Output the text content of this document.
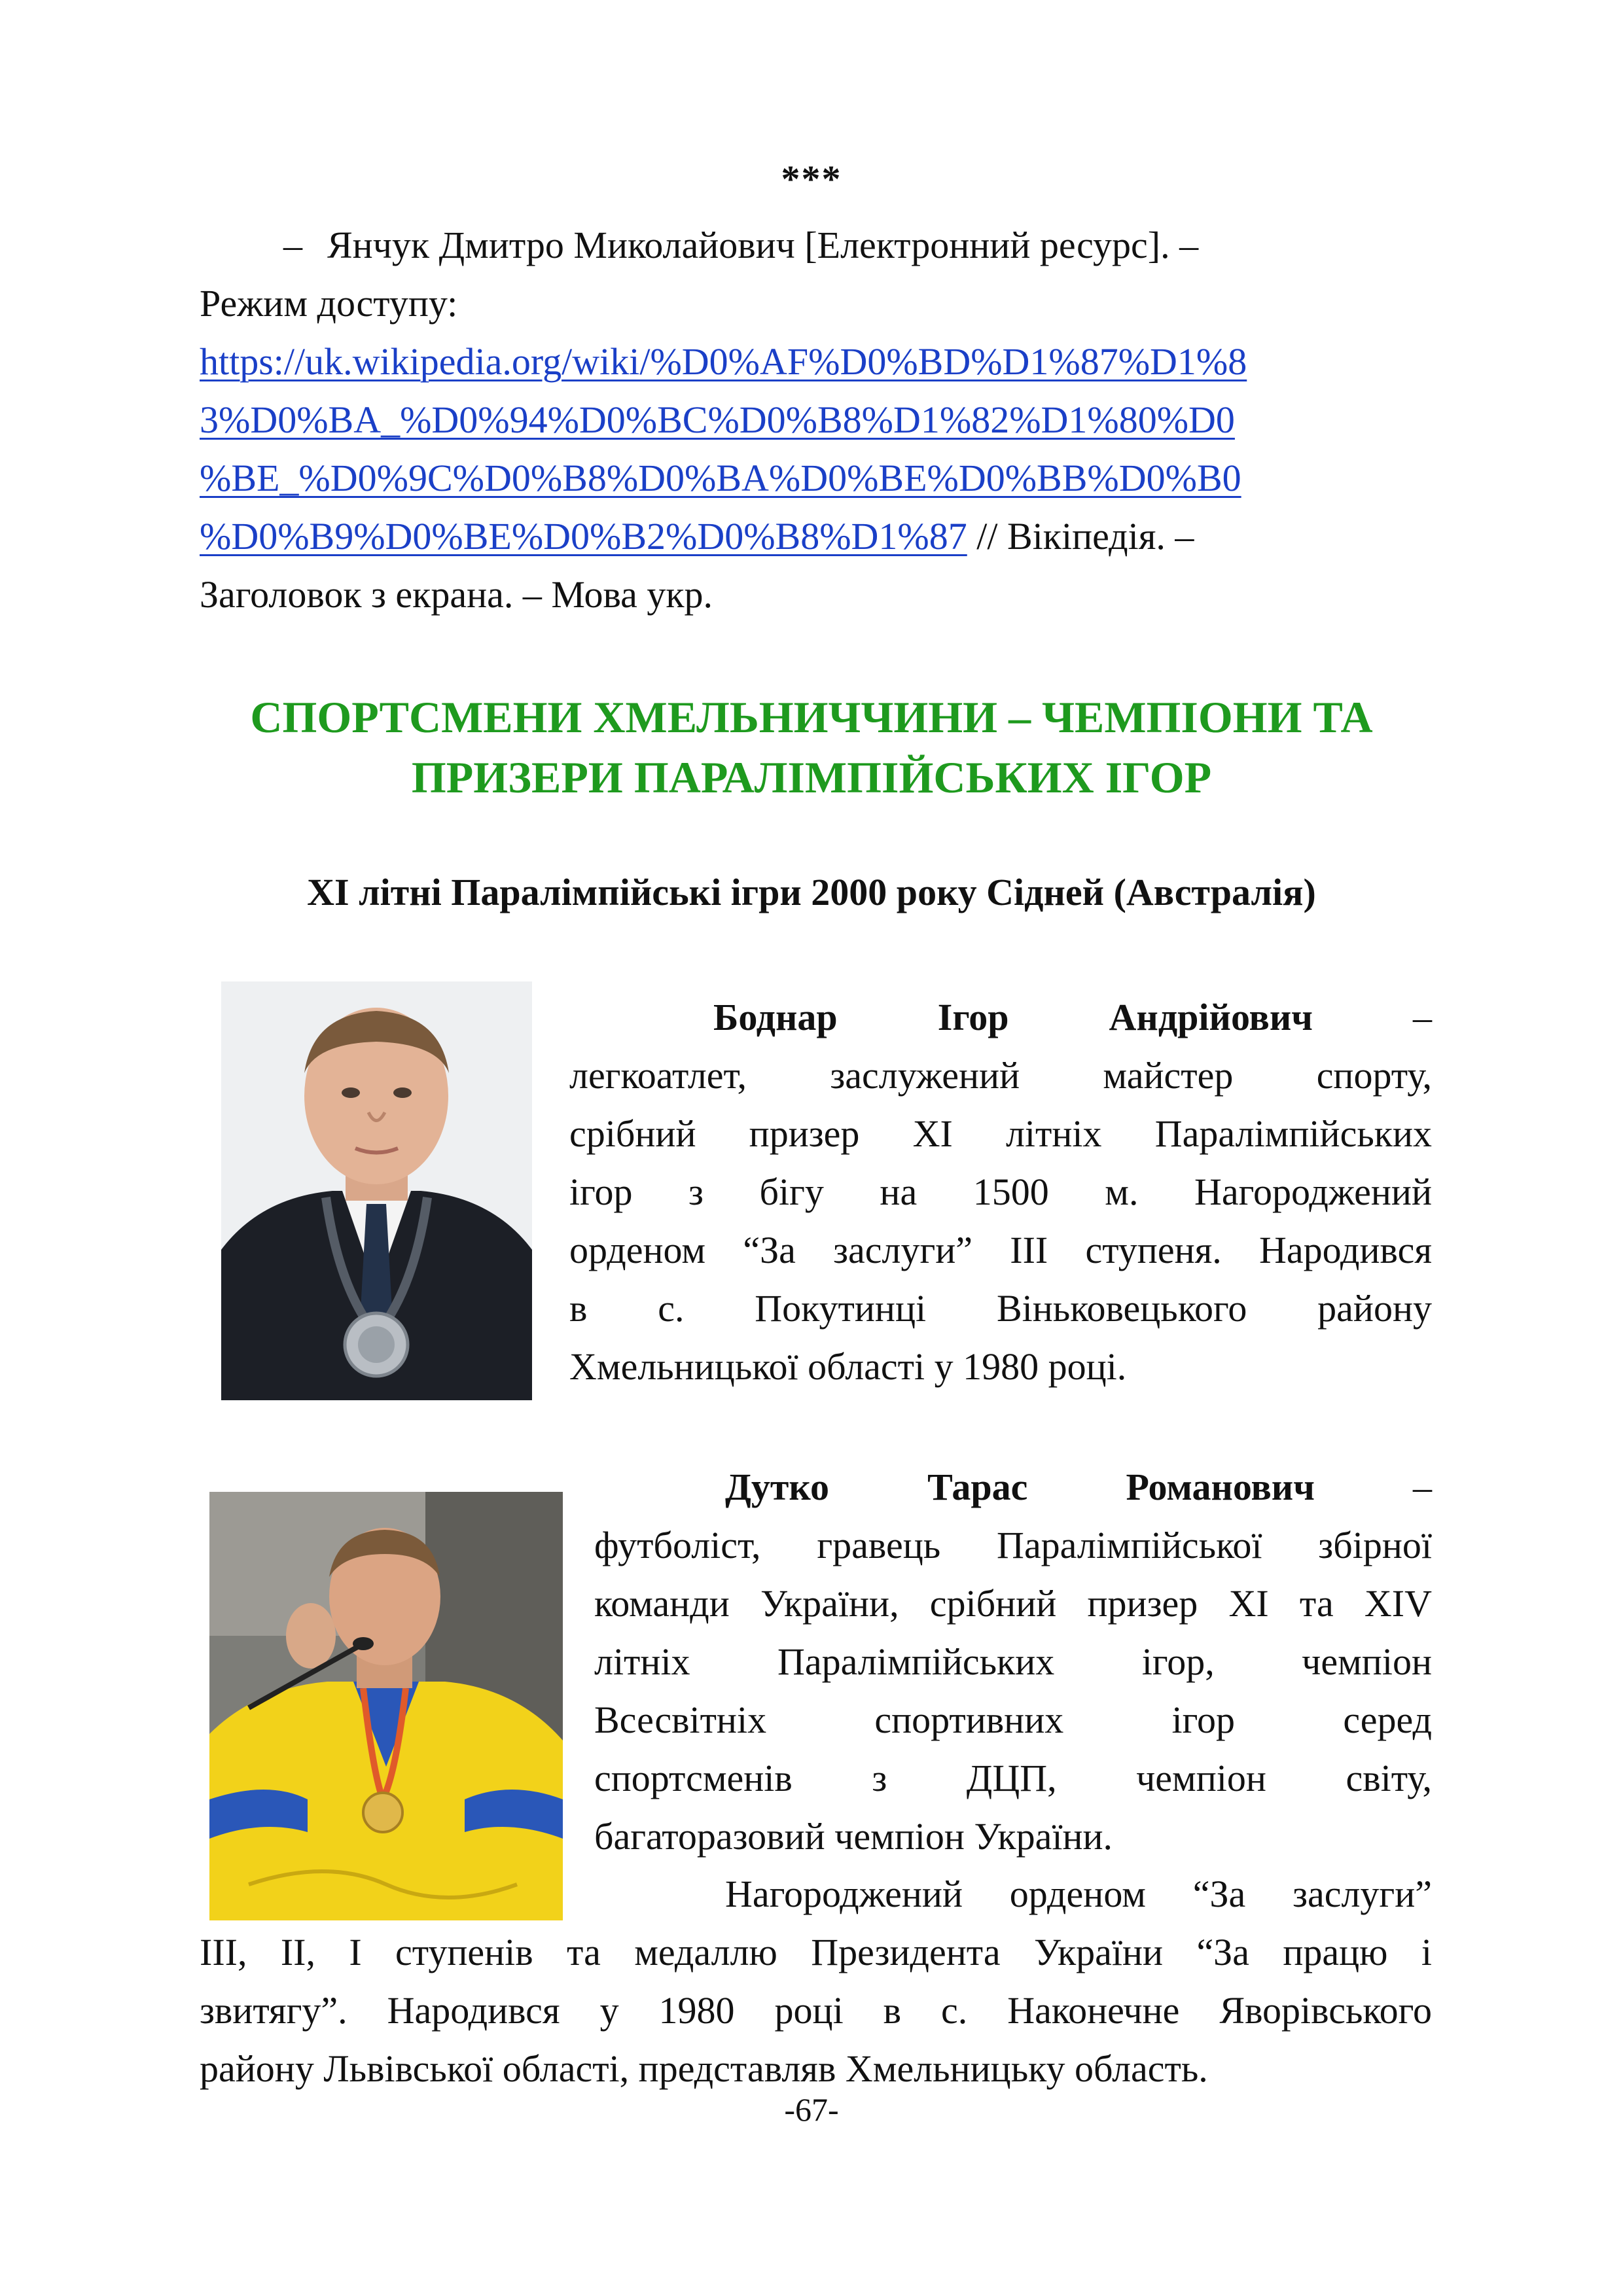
***
– Янчук Дмитро Миколайович [Електронний ресурс]. –
Режим доступу:
https://uk.wikipedia.org/wiki/%D0%AF%D0%BD%D1%87%D1%8
3%D0%BA_%D0%94%D0%BC%D0%B8%D1%82%D1%80%D0
%BE_%D0%9C%D0%B8%D0%BA%D0%BE%D0%BB%D0%B0
%D0%B9%D0%BE%D0%B2%D0%B8%D1%87 // Вікіпедія. –
Заголовок з екрана. – Мова укр.
СПОРТСМЕНИ ХМЕЛЬНИЧЧИНИ – ЧЕМПІОНИ ТА
ПРИЗЕРИ ПАРАЛІМПІЙСЬКИХ ІГОР
XI літні Паралімпійські ігри 2000 року Сідней (Австралія)
Боднар	Ігор	Андрійович	–
легкоатлет, заслужений майстер спорту,
срібний призер XI літніх Паралімпійських
ігор з бігу на 1500 м. Нагороджений
орденом “За заслуги” ІІІ ступеня. Народився
в с. Покутинці Віньковецького району
Хмельницької області у 1980 році.
Дутко	Тарас	Романович	–
футболіст, гравець Паралімпійської збірної
команди України, срібний призер XI та XIV
літніх Паралімпійських ігор, чемпіон
Всесвітніх спортивних ігор серед
спортсменів з ДЦП, чемпіон світу,
багаторазовий чемпіон України.
Нагороджений орденом “За заслуги”
ІІІ, ІІ, І ступенів та медаллю Президента України “За працю і
звитягу”. Народився у 1980 році в с. Наконечне Яворівського
району Львівської області, представляв Хмельницьку область.
-67-
